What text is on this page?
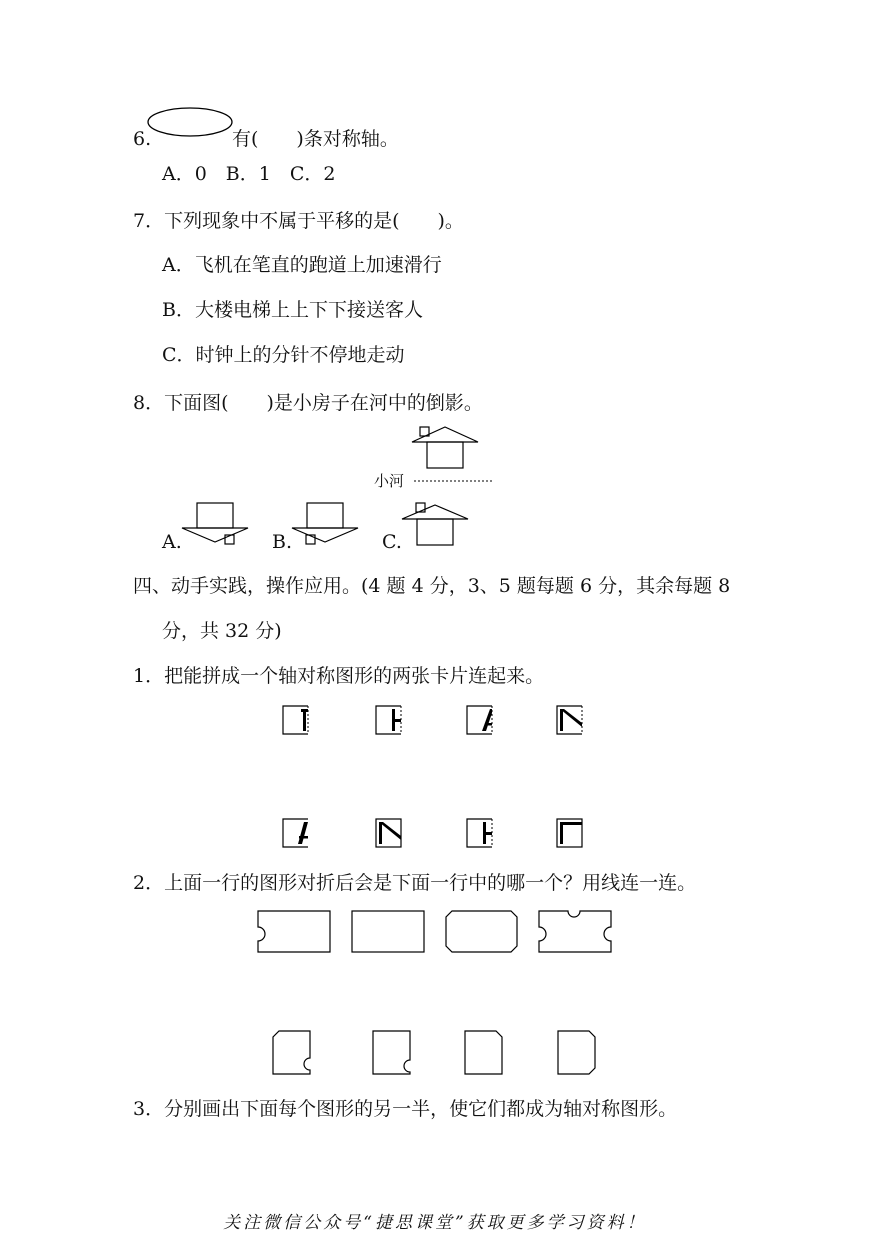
6.	有(　　)条对称轴。
A．0　B．1　C．2
7．下列现象中不属于平移的是(　　)。
A．飞机在笔直的跑道上加速滑行
B．大楼电梯上上下下接送客人
C．时钟上的分针不停地走动
8．下面图(　　)是小房子在河中的倒影。
小河
A.	B.	C.
四、动手实践，操作应用。(4 题 4 分，3、5 题每题 6 分，其余每题 8
分，共 32 分)
1．把能拼成一个轴对称图形的两张卡片连起来。
2．上面一行的图形对折后会是下面一行中的哪一个？用线连一连。
3．分别画出下面每个图形的另一半，使它们都成为轴对称图形。
关注微信公众号“捷思课堂”获取更多学习资料！
